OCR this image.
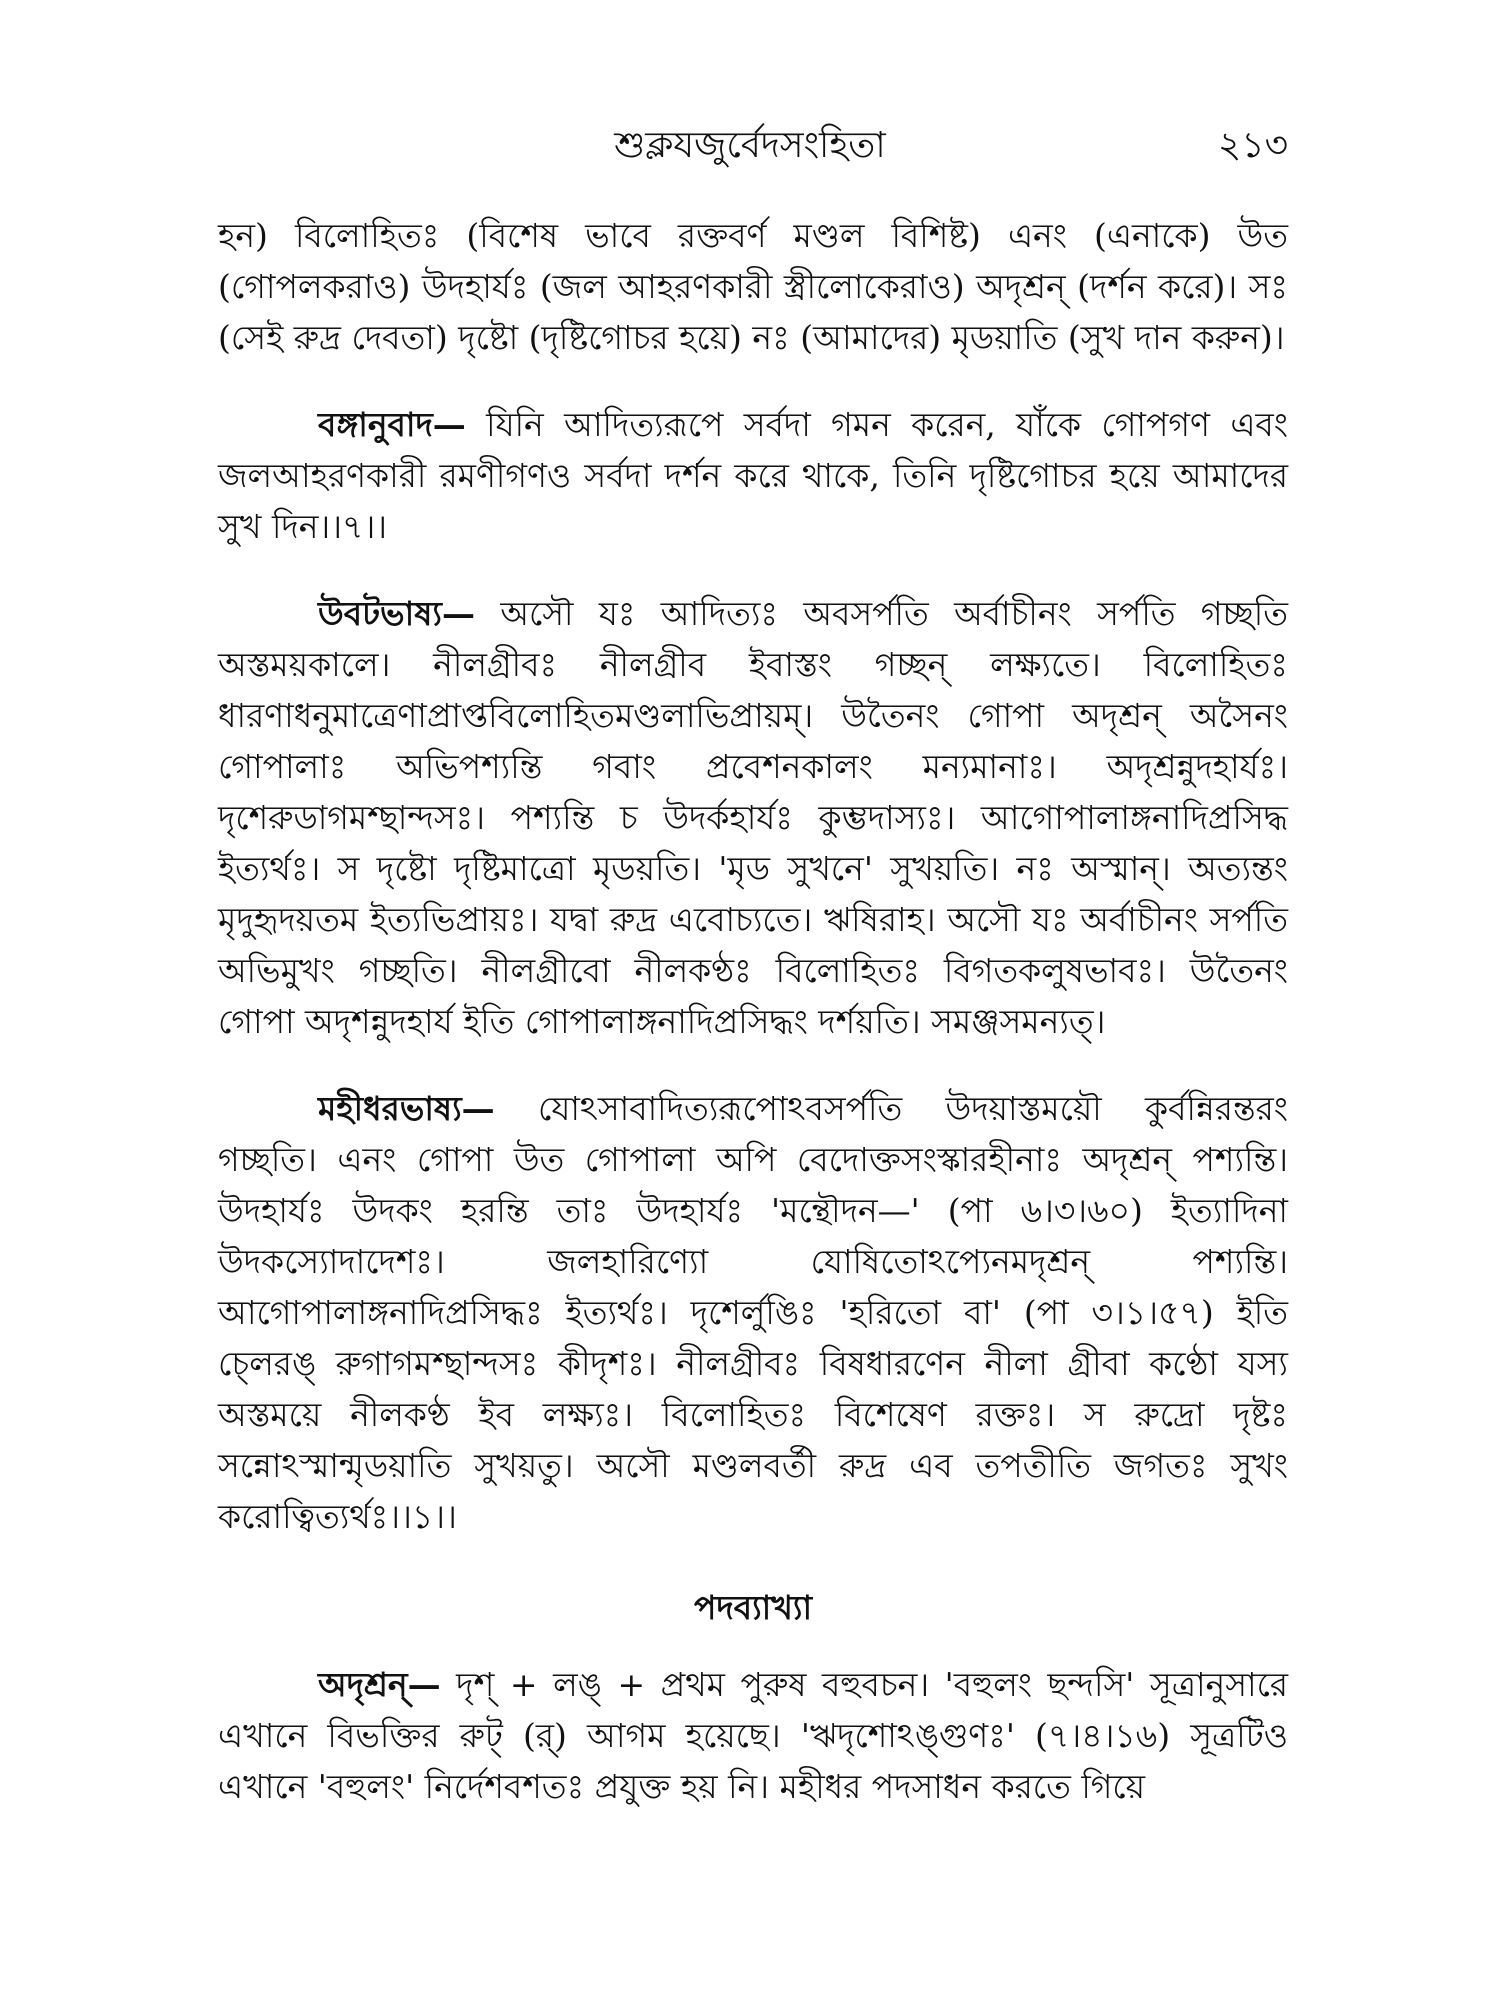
শুক্লযজুর্বেদসংহিতা	২১৩

হন) বিলোহিতঃ (বিশেষ ভাবে রক্তবর্ণ মণ্ডল বিশিষ্ট) এনং (এনাকে) উত (গোপলকরাও) উদহার্যঃ (জল আহরণকারী স্ত্রীলোকেরাও) অদৃশ্রন্ (দর্শন করে)। সঃ (সেই রুদ্র দেবতা) দৃষ্টো (দৃষ্টিগোচর হয়ে) নঃ (আমাদের) মৃডয়াতি (সুখ দান করুন)।

বঙ্গানুবাদ— যিনি আদিত্যরূপে সর্বদা গমন করেন, যাঁকে গোপগণ এবং জলআহরণকারী রমণীগণও সর্বদা দর্শন করে থাকে, তিনি দৃষ্টিগোচর হয়ে আমাদের সুখ দিন।।৭।।

উবটভাষ্য— অসৌ যঃ আদিত্যঃ অবসর্পতি অর্বাচীনং সর্পতি গচ্ছতি অস্তময়কালে। নীলগ্রীবঃ নীলগ্রীব ইবাস্তং গচ্ছন্ লক্ষ্যতে। বিলোহিতঃ ধারণাধনুমাত্রেণাপ্রাপ্তবিলোহিতমণ্ডলাভিপ্রায়ম্। উতৈনং গোপা অদৃশ্রন্ অসৈনং গোপালাঃ অভিপশ্যন্তি গবাং প্রবেশনকালং মন্যমানাঃ। অদৃশ্রন্নুদহার্যঃ। দৃশেরুডাগমশ্ছান্দসঃ। পশ্যন্তি চ উদর্কহার্যঃ কুম্ভদাস্যঃ। আগোপালাঙ্গনাদিপ্রসিদ্ধ ইত্যর্থঃ। স দৃষ্টো দৃষ্টিমাত্রো মৃডয়তি। 'মৃড সুখনে' সুখয়তি। নঃ অস্মান্। অত্যন্তং মৃদুহৃদয়তম ইত্যভিপ্রায়ঃ। যদ্বা রুদ্র এবোচ্যতে। ঋষিরাহ। অসৌ যঃ অর্বাচীনং সর্পতি অভিমুখং গচ্ছতি। নীলগ্রীবো নীলকণ্ঠঃ বিলোহিতঃ বিগতকলুষভাবঃ। উতৈনং গোপা অদৃশন্নুদহার্য ইতি গোপালাঙ্গনাদিপ্রসিদ্ধং দর্শয়তি। সমঞ্জসমন্যত্।

মহীধরভাষ্য— যোঽসাবাদিত্যরূপোঽবসর্পতি উদয়াস্তময়ৌ কুর্বন্নিরন্তরং গচ্ছতি। এনং গোপা উত গোপালা অপি বেদোক্তসংস্কারহীনাঃ অদৃশ্রন্ পশ্যন্তি। উদহার্যঃ উদকং হরন্তি তাঃ উদহার্যঃ 'মন্থৌদন—' (পা ৬।৩।৬০) ইত্যাদিনা উদকস্যোদাদেশঃ। জলহারিণ্যো যোষিতোঽপ্যেনমদৃশ্রন্ পশ্যন্তি। আগোপালাঙ্গনাদিপ্রসিদ্ধঃ ইত্যর্থঃ। দৃশের্লুঙিঃ 'হরিতো বা' (পা ৩।১।৫৭) ইতি চ্লেরঙ্ রুগাগমশ্ছান্দসঃ কীদৃশঃ। নীলগ্রীবঃ বিষধারণেন নীলা গ্রীবা কণ্ঠো যস্য অস্তময়ে নীলকণ্ঠ ইব লক্ষ্যঃ। বিলোহিতঃ বিশেষেণ রক্তঃ। স রুদ্রো দৃষ্টঃ সন্নোঽস্মান্মৃডয়াতি সুখয়তু। অসৌ মণ্ডলবর্তী রুদ্র এব তপতীতি জগতঃ সুখং করোত্বিত্যর্থঃ।।১।।

পদব্যাখ্যা

অদৃশ্রন্— দৃশ্ + লঙ্ + প্রথম পুরুষ বহুবচন। 'বহুলং ছন্দসি' সূত্রানুসারে এখানে বিভক্তির রুট্ (র্) আগম হয়েছে। 'ঋদৃশোঽঙ্গুণঃ' (৭।৪।১৬) সূত্রটিও এখানে 'বহুলং' নির্দেশবশতঃ প্রযুক্ত হয় নি। মহীধর পদসাধন করতে গিয়ে
